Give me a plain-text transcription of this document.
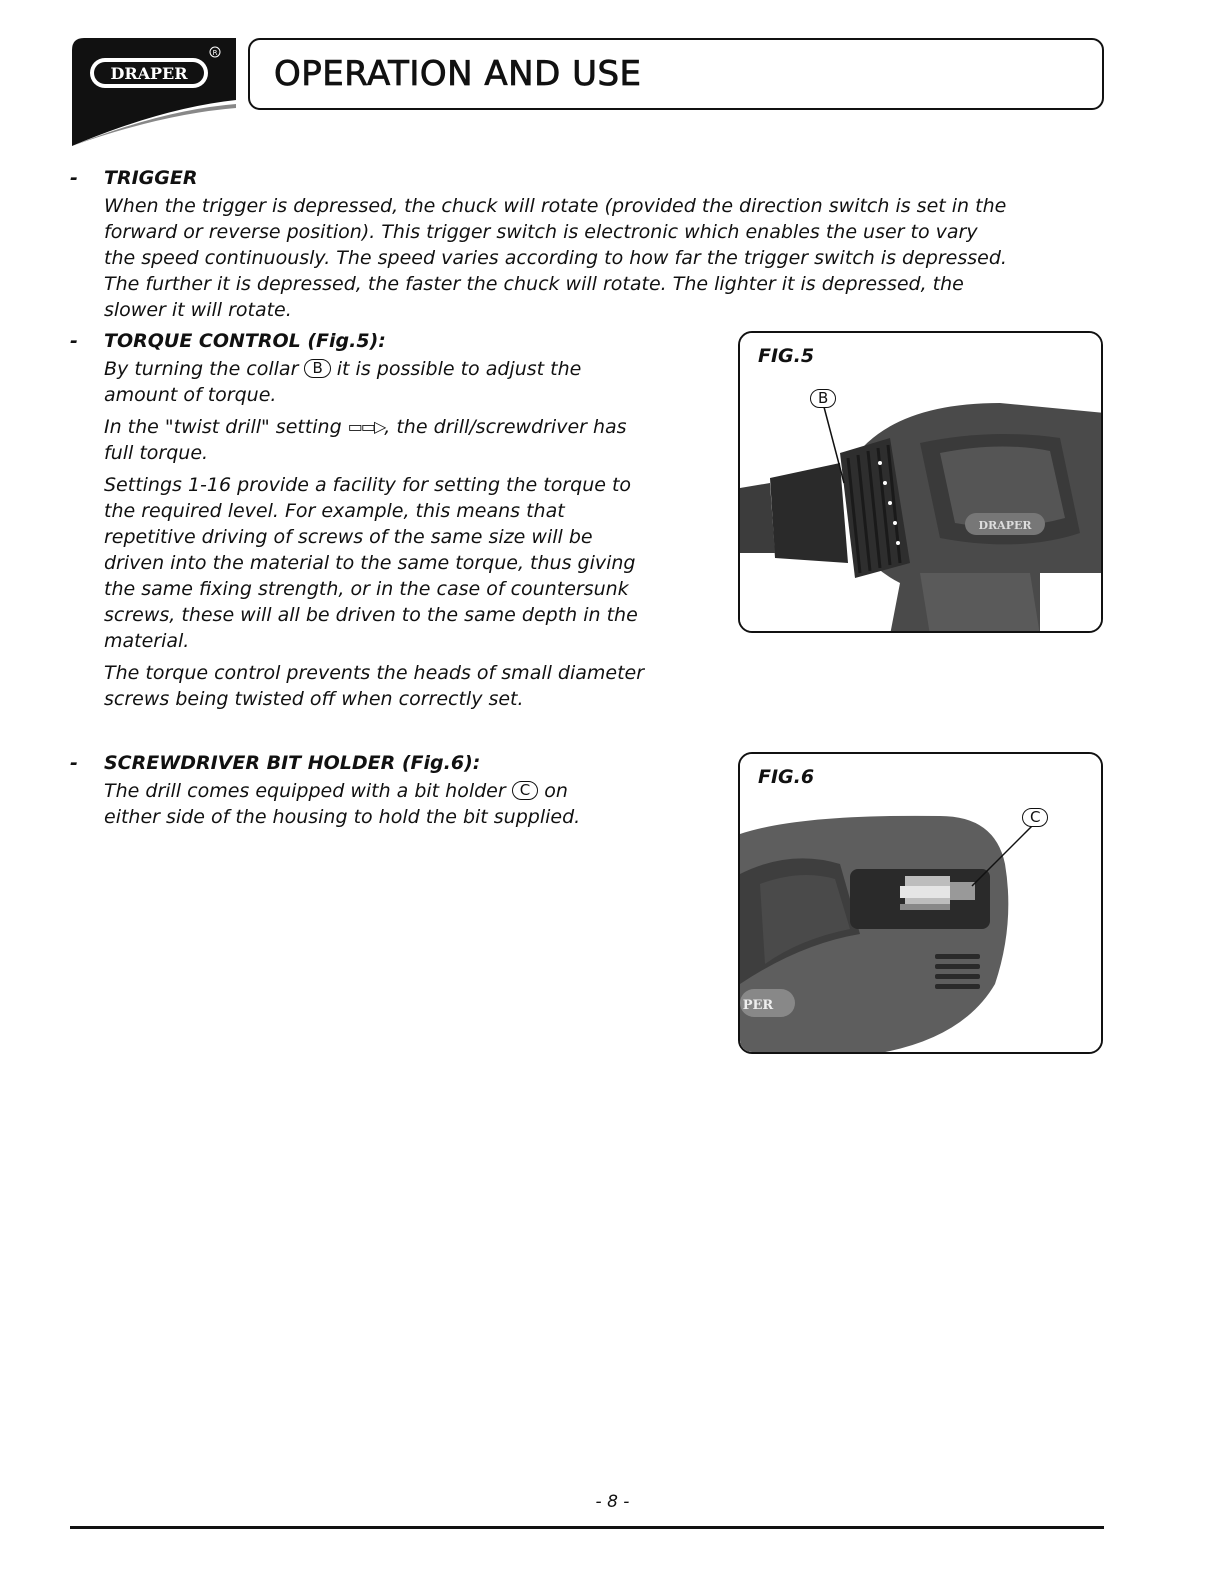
DRAPER
R
OPERATION AND USE
- TRIGGER

When the trigger is depressed, the chuck will rotate (provided the direction switch is set in the

forward or reverse position). This trigger switch is electronic which enables the user to vary

the speed continuously. The speed varies according to how far the trigger switch is depressed.

The further it is depressed, the faster the chuck will rotate. The lighter it is depressed, the

slower it will rotate.

- TORQUE CONTROL (Fig.5):

By turning the collar B it is possible to adjust the

amount of torque.

In the "twist drill" setting ▭▭▷, the drill/screwdriver has

full torque.

Settings 1-16 provide a facility for setting the torque to

the required level. For example, this means that

repetitive driving of screws of the same size will be

driven into the material to the same torque, thus giving

the same fixing strength, or in the case of countersunk

screws, these will all be driven to the same depth in the

material.

The torque control prevents the heads of small diameter

screws being twisted off when correctly set.

- SCREWDRIVER BIT HOLDER (Fig.6):

The drill comes equipped with a bit holder C on

either side of the housing to hold the bit supplied.

FIG.5
B
DRAPER
FIG.6
C
PER
- 8 -
